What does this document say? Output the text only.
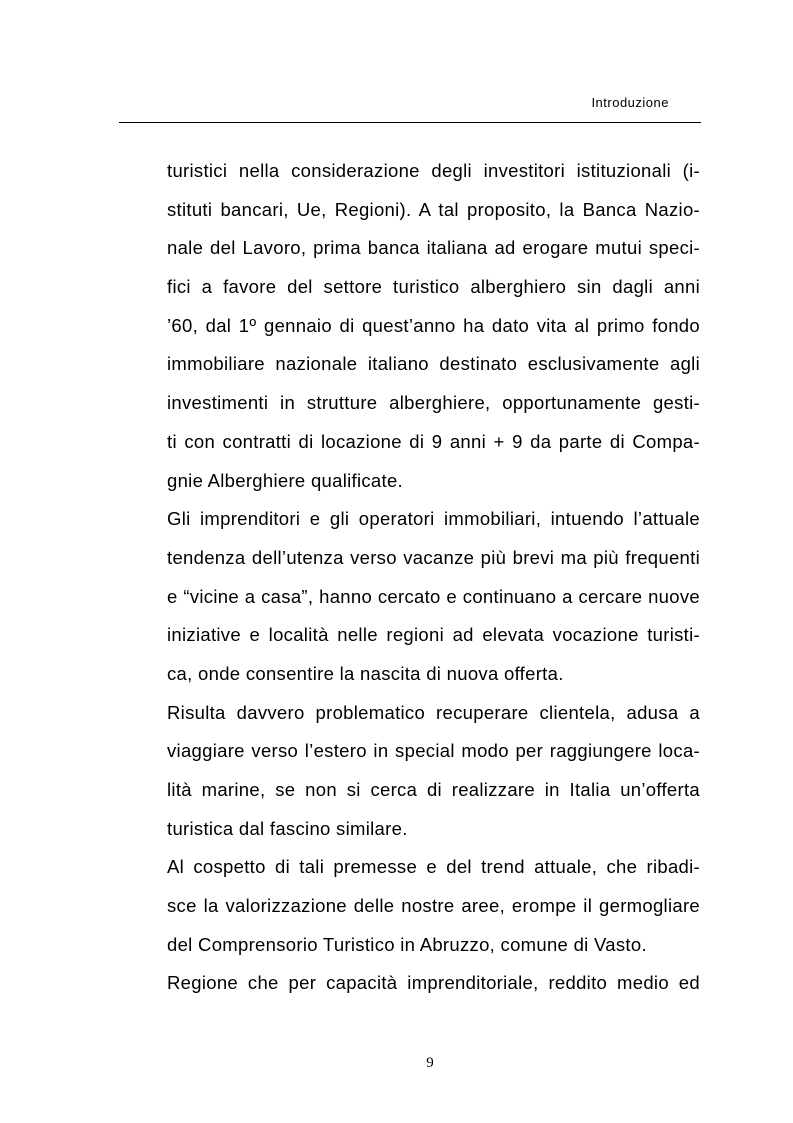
Introduzione
turistici nella considerazione degli investitori istituzionali (i-
stituti bancari, Ue, Regioni). A tal proposito, la Banca Nazio-
nale del Lavoro, prima banca italiana ad erogare mutui speci-
fici a favore del settore turistico alberghiero sin dagli anni
’60, dal 1º gennaio di quest’anno ha dato vita al primo fondo
immobiliare nazionale italiano destinato esclusivamente agli
investimenti in strutture alberghiere, opportunamente gesti-
ti con contratti di locazione di 9 anni + 9 da parte di Compa-
gnie Alberghiere qualificate.
Gli imprenditori e gli operatori immobiliari, intuendo l’attuale
tendenza dell’utenza verso vacanze più brevi ma più frequenti
e “vicine a casa”, hanno cercato e continuano a cercare nuove
iniziative e località nelle regioni ad elevata vocazione turisti-
ca, onde consentire la nascita di nuova offerta.
Risulta davvero problematico recuperare clientela, adusa a
viaggiare verso l’estero in special modo per raggiungere loca-
lità marine, se non si cerca di realizzare in Italia un’offerta
turistica dal fascino similare.
Al cospetto di tali premesse e del trend attuale, che ribadi-
sce la valorizzazione delle nostre aree, erompe il germogliare
del Comprensorio Turistico in Abruzzo, comune di Vasto.
Regione che per capacità imprenditoriale, reddito medio ed
9
